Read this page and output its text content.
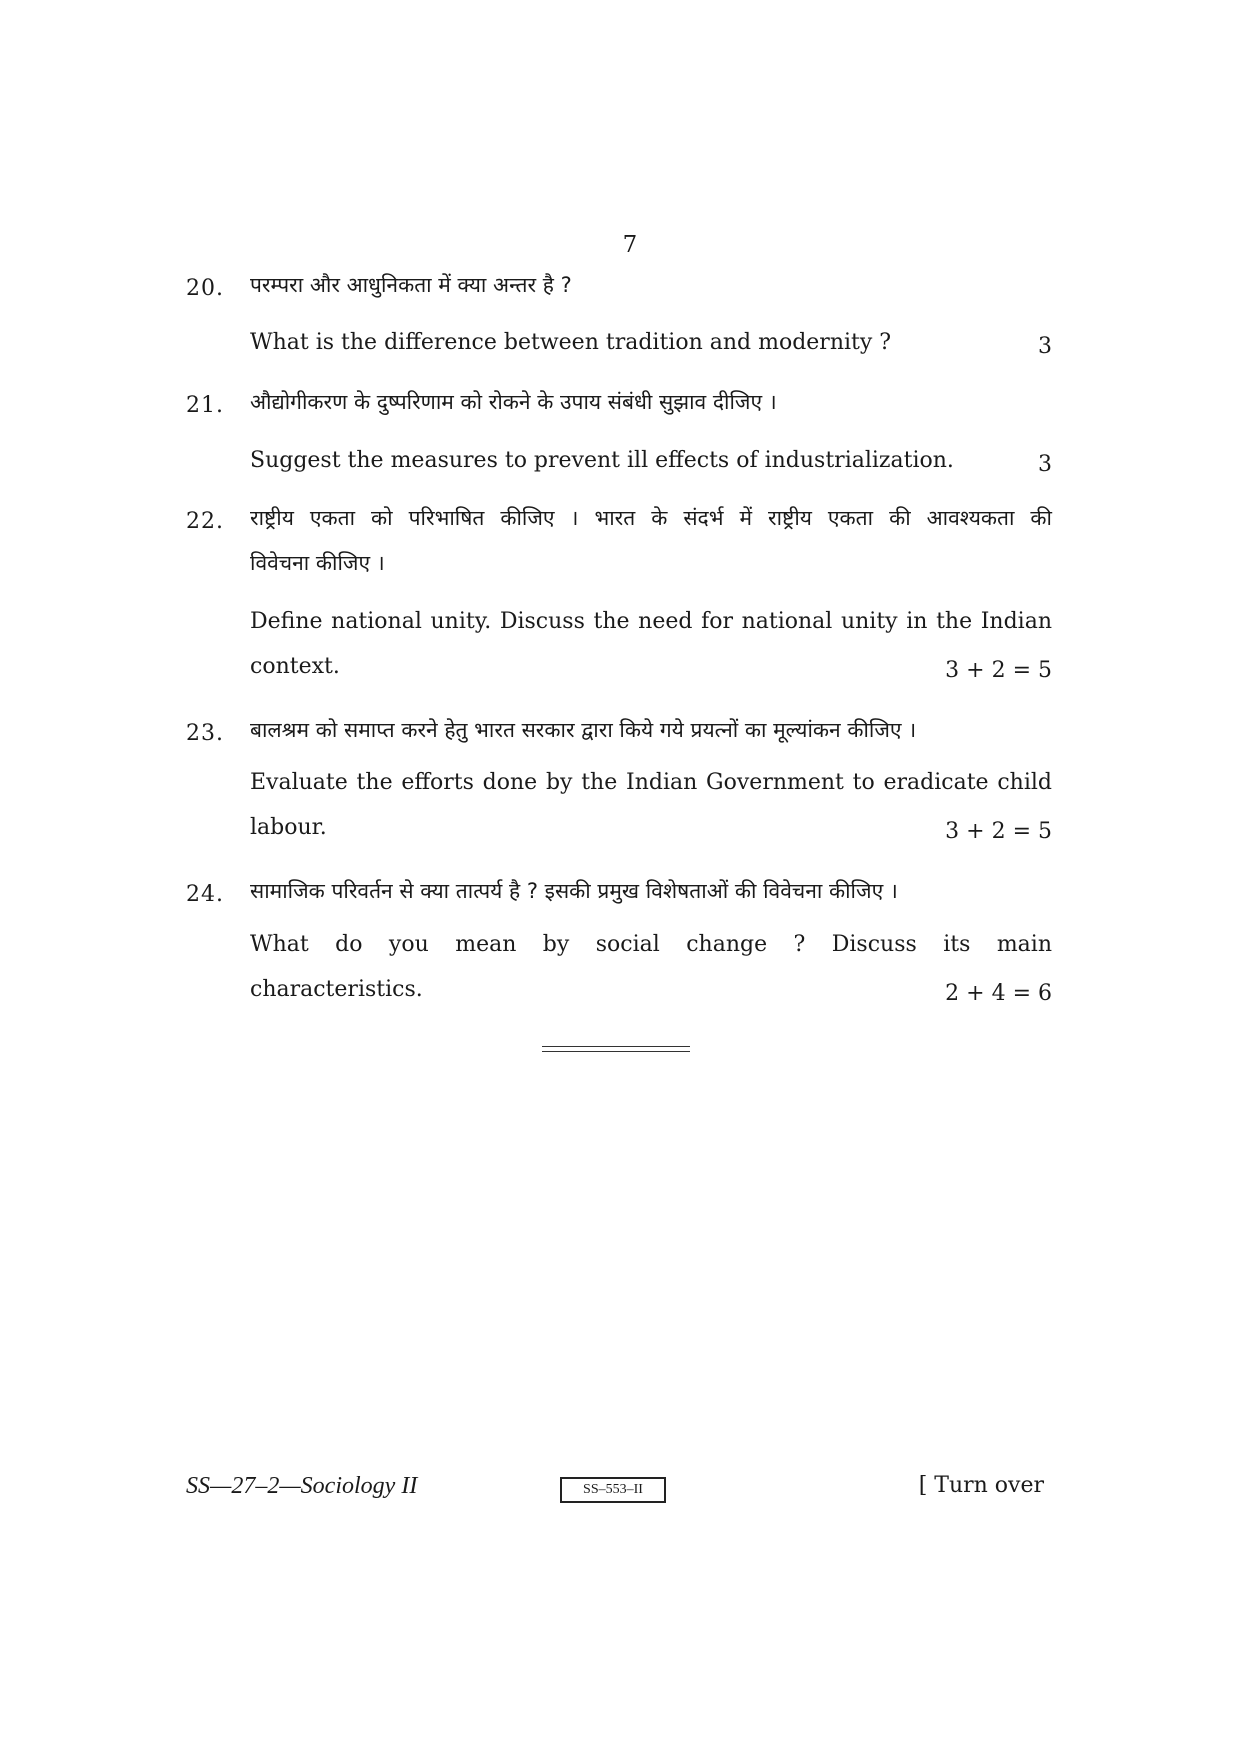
7
20. परम्परा और आधुनिकता में क्या अन्तर है ?
What is the difference between tradition and modernity ?	3
21. औद्योगीकरण के दुष्परिणाम को रोकने के उपाय संबंधी सुझाव दीजिए ।
Suggest the measures to prevent ill effects of industrialization.	3
22. राष्ट्रीय एकता को परिभाषित कीजिए । भारत के संदर्भ में राष्ट्रीय एकता की आवश्यकता की
विवेचना कीजिए ।
Define national unity. Discuss the need for national unity in the Indian
context.	3 + 2 = 5
23. बालश्रम को समाप्त करने हेतु भारत सरकार द्वारा किये गये प्रयत्नों का मूल्यांकन कीजिए ।
Evaluate the efforts done by the Indian Government to eradicate child
labour.	3 + 2 = 5
24. सामाजिक परिवर्तन से क्या तात्पर्य है ? इसकी प्रमुख विशेषताओं की विवेचना कीजिए ।
What do you mean by social change ? Discuss its main
characteristics.	2 + 4 = 6
SS—27–2—Sociology II	SS–553–II	[ Turn over
